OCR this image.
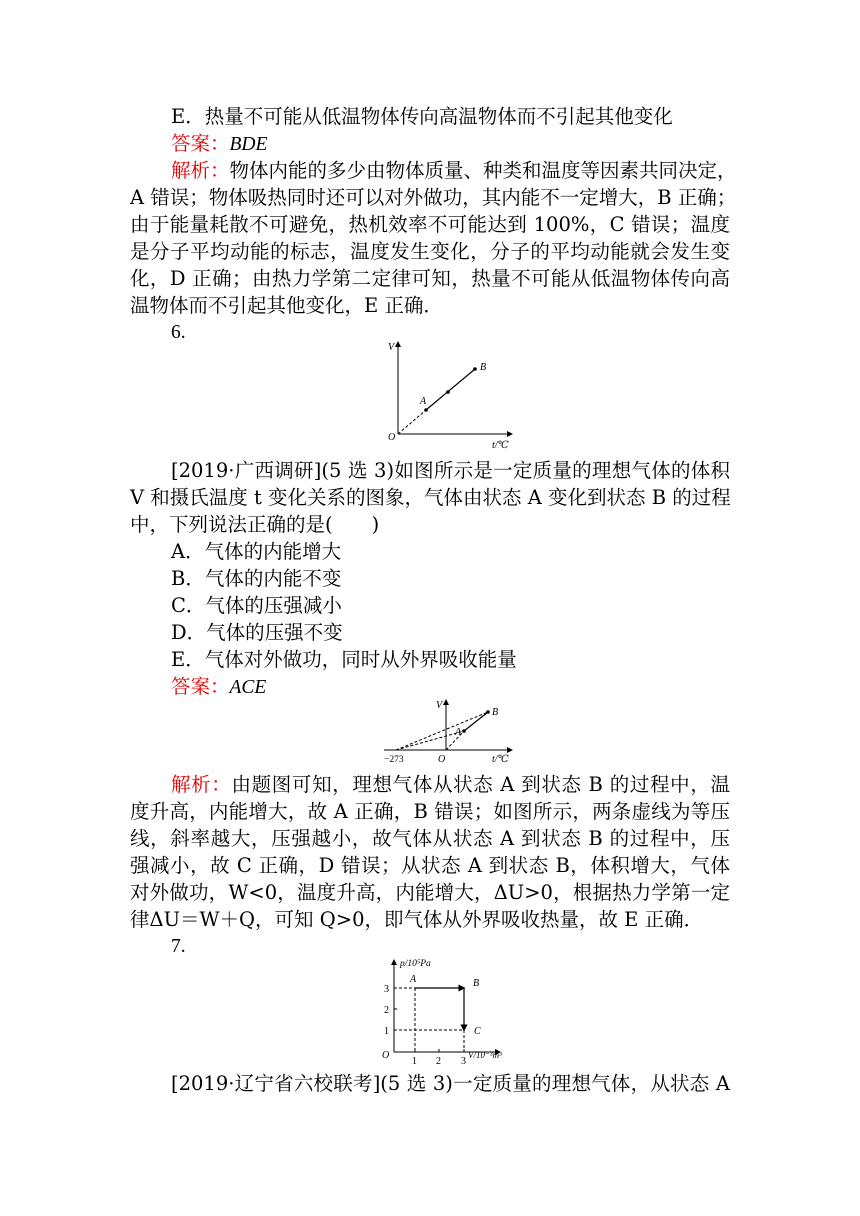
E．热量不可能从低温物体传向高温物体而不引起其他变化
答案：BDE
解析：物体内能的多少由物体质量、种类和温度等因素共同决定，
A 错误；物体吸热同时还可以对外做功，其内能不一定增大，B 正确；
由于能量耗散不可避免，热机效率不可能达到 100%，C 错误；温度
是分子平均动能的标志，温度发生变化，分子的平均动能就会发生变
化，D 正确；由热力学第二定律可知，热量不可能从低温物体传向高
温物体而不引起其他变化，E 正确．
6.
V
O
t/℃
A
B
[2019·广西调研](5 选 3)如图所示是一定质量的理想气体的体积
V 和摄氏温度 t 变化关系的图象，气体由状态 A 变化到状态 B 的过程
中，下列说法正确的是(　　)
A．气体的内能增大
B．气体的内能不变
C．气体的压强减小
D．气体的压强不变
E．气体对外做功，同时从外界吸收能量
答案：ACE
V
−273	O	t/℃
A
B
解析：由题图可知，理想气体从状态 A 到状态 B 的过程中，温
度升高，内能增大，故 A 正确，B 错误；如图所示，两条虚线为等压
线，斜率越大，压强越小，故气体从状态 A 到状态 B 的过程中，压
强减小，故 C 正确，D 错误；从状态 A 到状态 B，体积增大，气体
对外做功，W<0，温度升高，内能增大，ΔU>0，根据热力学第一定
律ΔU＝W＋Q，可知 Q>0，即气体从外界吸收热量，故 E 正确．
7.
p/10⁵Pa
V/10⁻³m³
O
3
2
1
1 2 3
A	B
C
[2019·辽宁省六校联考](5 选 3)一定质量的理想气体，从状态 A
